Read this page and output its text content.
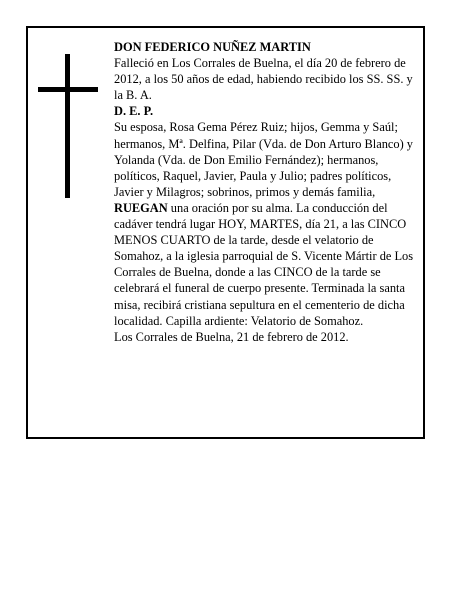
DON FEDERICO NUÑEZ MARTIN

Falleció en Los Corrales de Buelna, el día 20 de febrero de 2012, a los 50 años de edad, habiendo recibido los SS. SS. y la B. A.

D. E. P.

Su esposa, Rosa Gema Pérez Ruiz; hijos, Gemma y Saúl; hermanos, Mª. Delfina, Pilar (Vda. de Don Arturo Blanco) y Yolanda (Vda. de Don Emilio Fernández); hermanos, políticos, Raquel, Javier, Paula y Julio; padres políticos, Javier y Milagros; sobrinos, primos y demás familia,

RUEGAN una oración por su alma. La conducción del cadáver tendrá lugar HOY, MARTES, día 21, a las CINCO MENOS CUARTO de la tarde, desde el velatorio de Somahoz, a la iglesia parroquial de S. Vicente Mártir de Los Corrales de Buelna, donde a las CINCO de la tarde se celebrará el funeral de cuerpo presente. Terminada la santa misa, recibirá cristiana sepultura en el cementerio de dicha localidad. Capilla ardiente: Velatorio de Somahoz.

Los Corrales de Buelna, 21 de febrero de 2012.
